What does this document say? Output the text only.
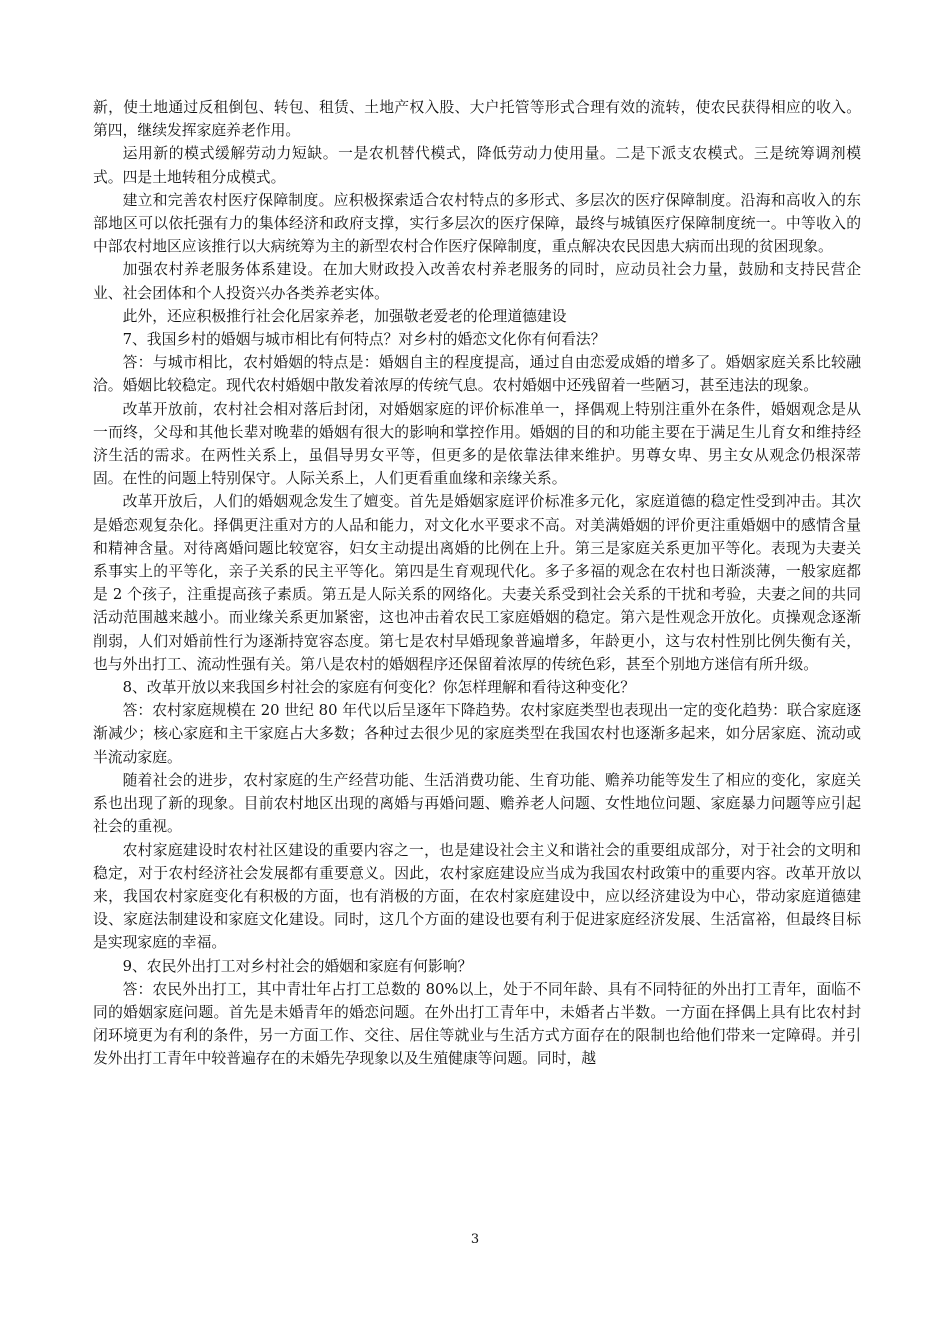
新，使土地通过反租倒包、转包、租赁、土地产权入股、大户托管等形式合理有效的流转，使农民获得相应的收入。第四，继续发挥家庭养老作用。

运用新的模式缓解劳动力短缺。一是农机替代模式，降低劳动力使用量。二是下派支农模式。三是统筹调剂模式。四是土地转租分成模式。

建立和完善农村医疗保障制度。应积极探索适合农村特点的多形式、多层次的医疗保障制度。沿海和高收入的东部地区可以依托强有力的集体经济和政府支撑，实行多层次的医疗保障，最终与城镇医疗保障制度统一。中等收入的中部农村地区应该推行以大病统筹为主的新型农村合作医疗保障制度，重点解决农民因患大病而出现的贫困现象。

加强农村养老服务体系建设。在加大财政投入改善农村养老服务的同时，应动员社会力量，鼓励和支持民营企业、社会团体和个人投资兴办各类养老实体。

此外，还应积极推行社会化居家养老，加强敬老爱老的伦理道德建设

7、我国乡村的婚姻与城市相比有何特点？对乡村的婚恋文化你有何看法？

答：与城市相比，农村婚姻的特点是：婚姻自主的程度提高，通过自由恋爱成婚的增多了。婚姻家庭关系比较融洽。婚姻比较稳定。现代农村婚姻中散发着浓厚的传统气息。农村婚姻中还残留着一些陋习，甚至违法的现象。

改革开放前，农村社会相对落后封闭，对婚姻家庭的评价标准单一，择偶观上特别注重外在条件，婚姻观念是从一而终，父母和其他长辈对晚辈的婚姻有很大的影响和掌控作用。婚姻的目的和功能主要在于满足生儿育女和维持经济生活的需求。在两性关系上，虽倡导男女平等，但更多的是依靠法律来维护。男尊女卑、男主女从观念仍根深蒂固。在性的问题上特别保守。人际关系上，人们更看重血缘和亲缘关系。

改革开放后，人们的婚姻观念发生了嬗变。首先是婚姻家庭评价标准多元化，家庭道德的稳定性受到冲击。其次是婚恋观复杂化。择偶更注重对方的人品和能力，对文化水平要求不高。对美满婚姻的评价更注重婚姻中的感情含量和精神含量。对待离婚问题比较宽容，妇女主动提出离婚的比例在上升。第三是家庭关系更加平等化。表现为夫妻关系事实上的平等化，亲子关系的民主平等化。第四是生育观现代化。多子多福的观念在农村也日渐淡薄，一般家庭都是 2 个孩子，注重提高孩子素质。第五是人际关系的网络化。夫妻关系受到社会关系的干扰和考验，夫妻之间的共同活动范围越来越小。而业缘关系更加紧密，这也冲击着农民工家庭婚姻的稳定。第六是性观念开放化。贞操观念逐渐削弱，人们对婚前性行为逐渐持宽容态度。第七是农村早婚现象普遍增多，年龄更小，这与农村性别比例失衡有关，也与外出打工、流动性强有关。第八是农村的婚姻程序还保留着浓厚的传统色彩，甚至个别地方迷信有所升级。

8、改革开放以来我国乡村社会的家庭有何变化？你怎样理解和看待这种变化？

答：农村家庭规模在 20 世纪 80 年代以后呈逐年下降趋势。农村家庭类型也表现出一定的变化趋势：联合家庭逐渐减少；核心家庭和主干家庭占大多数；各种过去很少见的家庭类型在我国农村也逐渐多起来，如分居家庭、流动或半流动家庭。

随着社会的进步，农村家庭的生产经营功能、生活消费功能、生育功能、赡养功能等发生了相应的变化，家庭关系也出现了新的现象。目前农村地区出现的离婚与再婚问题、赡养老人问题、女性地位问题、家庭暴力问题等应引起社会的重视。

农村家庭建设时农村社区建设的重要内容之一，也是建设社会主义和谐社会的重要组成部分，对于社会的文明和稳定，对于农村经济社会发展都有重要意义。因此，农村家庭建设应当成为我国农村政策中的重要内容。改革开放以来，我国农村家庭变化有积极的方面，也有消极的方面，在农村家庭建设中，应以经济建设为中心，带动家庭道德建设、家庭法制建设和家庭文化建设。同时，这几个方面的建设也要有利于促进家庭经济发展、生活富裕，但最终目标是实现家庭的幸福。

9、农民外出打工对乡村社会的婚姻和家庭有何影响？

答：农民外出打工，其中青壮年占打工总数的 80%以上，处于不同年龄、具有不同特征的外出打工青年，面临不同的婚姻家庭问题。首先是未婚青年的婚恋问题。在外出打工青年中，未婚者占半数。一方面在择偶上具有比农村封闭环境更为有利的条件，另一方面工作、交往、居住等就业与生活方式方面存在的限制也给他们带来一定障碍。并引发外出打工青年中较普遍存在的未婚先孕现象以及生殖健康等问题。同时，越

3
